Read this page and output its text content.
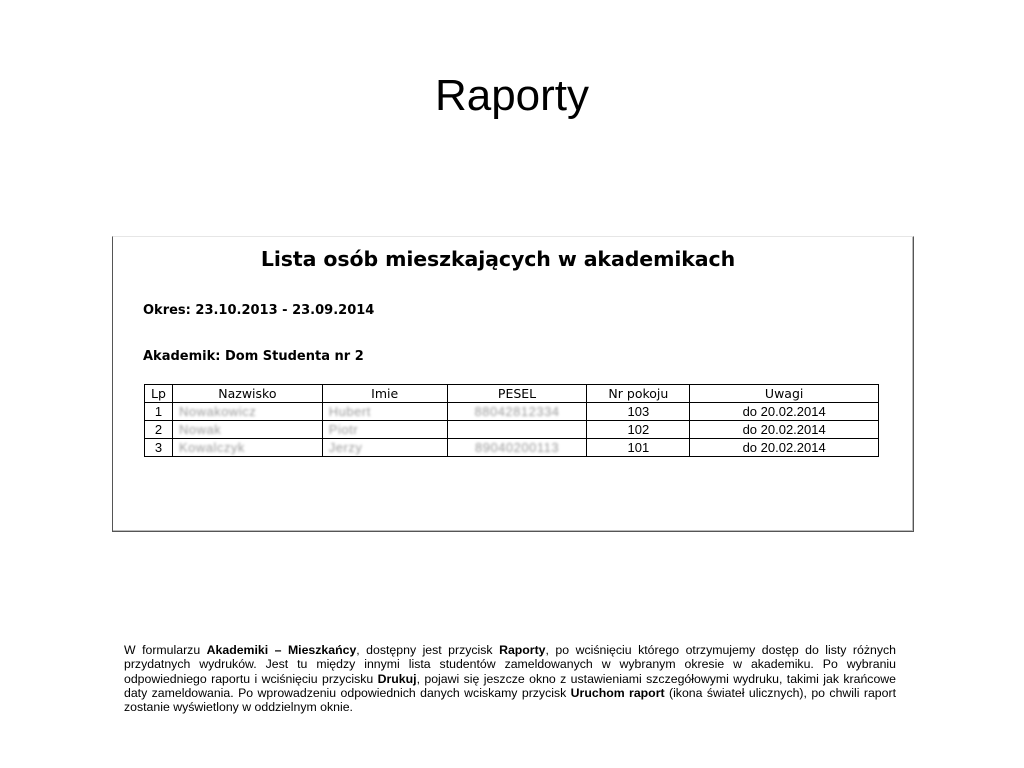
Raporty
Lista osób mieszkających w akademikach
Okres: 23.10.2013 - 23.09.2014
Akademik: Dom Studenta nr 2
Lp	Nazwisko	Imie	PESEL	Nr pokoju	Uwagi
1	Nowakowicz	Hubert	88042812334	103	do 20.02.2014
2	Nowak	Piotr		102	do 20.02.2014
3	Kowalczyk	Jerzy	89040200113	101	do 20.02.2014
W formularzu Akademiki – Mieszkańcy, dostępny jest przycisk Raporty, po wciśnięciu którego otrzymujemy dostęp do listy różnych przydatnych wydruków. Jest tu między innymi lista studentów zameldowanych w wybranym okresie w akademiku. Po wybraniu odpowiedniego raportu i wciśnięciu przycisku Drukuj, pojawi się jeszcze okno z ustawieniami szczegółowymi wydruku, takimi jak krańcowe daty zameldowania. Po wprowadzeniu odpowiednich danych wciskamy przycisk Uruchom raport (ikona świateł ulicznych), po chwili raport zostanie wyświetlony w oddzielnym oknie.
